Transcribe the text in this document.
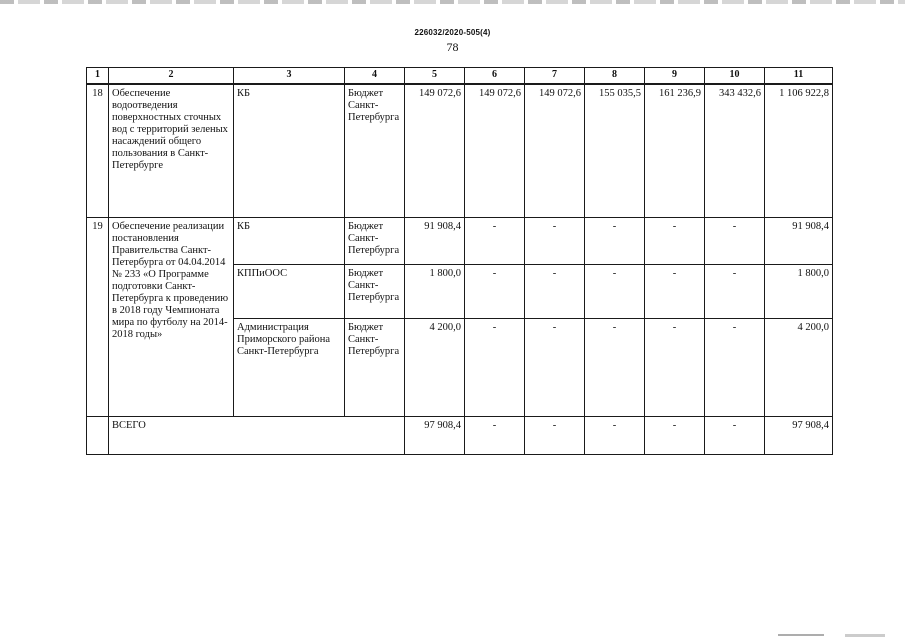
226032/2020-505(4)
78
1	2	3	4	5	6	7	8	9	10	11
18	Обеспечение водоотведения поверхностных сточных вод с территорий зеленых насаждений общего пользования в Санкт-Петербурге	КБ	Бюджет Санкт-Петербурга	149 072,6	149 072,6	149 072,6	155 035,5	161 236,9	343 432,6	1 106 922,8
19	Обеспечение реализации постановления Правительства Санкт-Петербурга от 04.04.2014 № 233 «О Программе подготовки Санкт-Петербурга к проведению в 2018 году Чемпионата мира по футболу на 2014-2018 годы»	КБ	Бюджет Санкт-Петербурга	91 908,4	-	-	-	-	-	91 908,4
		КППиООС	Бюджет Санкт-Петербурга	1 800,0	-	-	-	-	-	1 800,0
		Администрация Приморского района Санкт-Петербурга	Бюджет Санкт-Петербурга	4 200,0	-	-	-	-	-	4 200,0
	ВСЕГО			97 908,4	-	-	-	-	-	97 908,4
